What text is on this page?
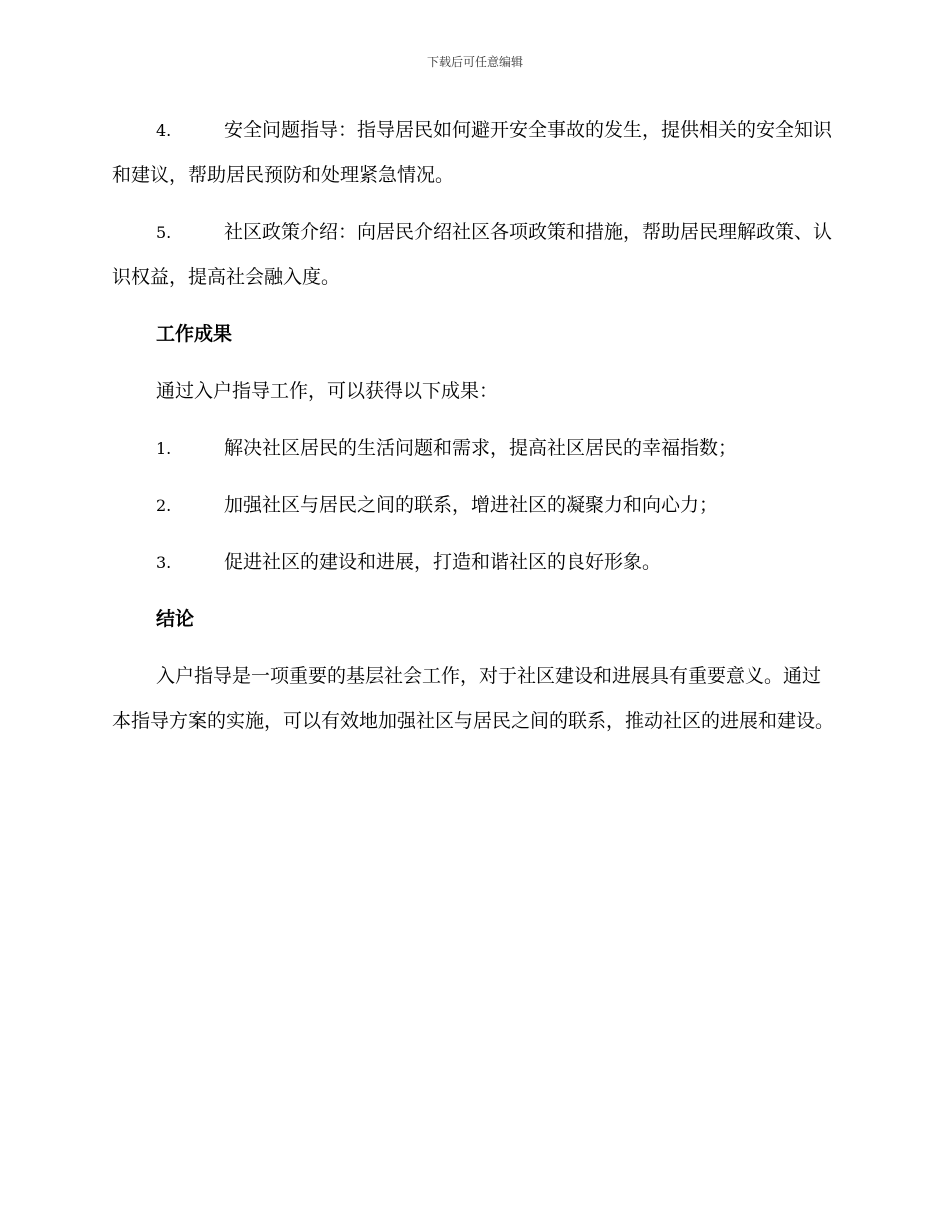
下载后可任意编辑
4.	安全问题指导：指导居民如何避开安全事故的发生，提供相关的安全知识和建议，帮助居民预防和处理紧急情况。
5.	社区政策介绍：向居民介绍社区各项政策和措施，帮助居民理解政策、认识权益，提高社会融入度。
工作成果
通过入户指导工作，可以获得以下成果：
1.	解决社区居民的生活问题和需求，提高社区居民的幸福指数；
2.	加强社区与居民之间的联系，增进社区的凝聚力和向心力；
3.	促进社区的建设和进展，打造和谐社区的良好形象。
结论
入户指导是一项重要的基层社会工作，对于社区建设和进展具有重要意义。通过本指导方案的实施，可以有效地加强社区与居民之间的联系，推动社区的进展和建设。
